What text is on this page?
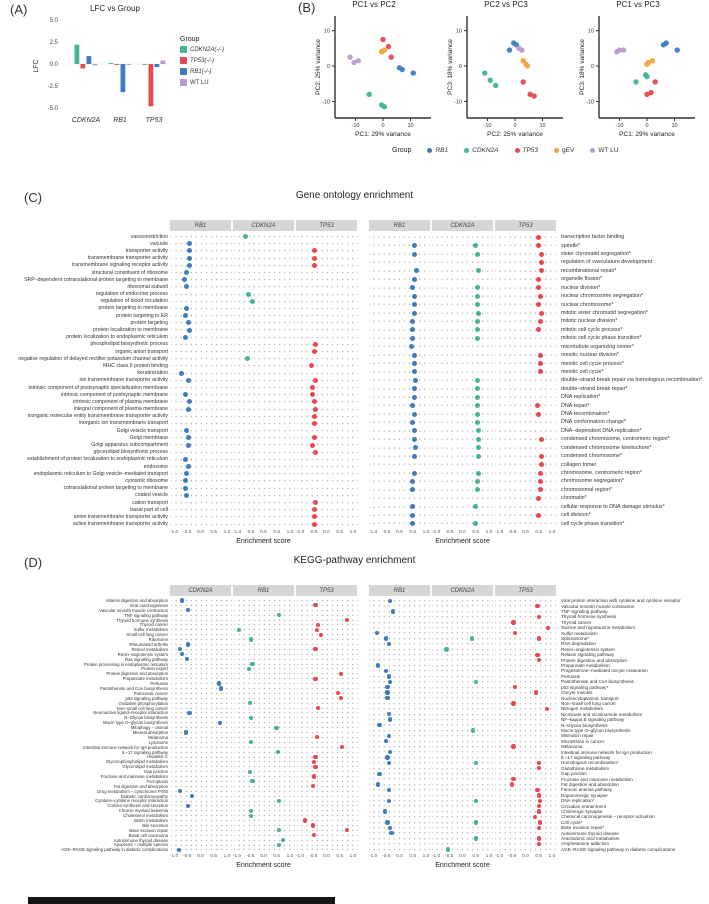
(A)	LFC vs Group
5.0
2.5
0.0
-2.5
-5.0
LFC
CDKN2A RB1	TP53
Group
CDKN2A(-/-)
TP53(-/-)
RB1(-/-)
WT LU
(B)	PC1 vs PC2
-10	0	10
-10
0
10
PC1: 29% variance
PC2: 25% variance
PC2 vs PC3
-10	0	10
-10
0
10
PC2: 25% variance
PC3: 18% variance
PC1 vs PC3
-10	0	10
-10
0
10
PC1: 29% variance
PC3: 18% variance
Group	RB1	CDKN2A	TP53	gEV	WT LU
(C)	Gene ontology enrichment
RB1	CDKN2A	TP53
vasoconstriction
vacuole
transporter activity
transmembrane transporter activity
transmembrane signaling receptor activity
structural constituent of ribosome
SRP–dependent cotranslational protein targeting to membrane
ribosomal subunit
regulation of endocrine process
regulation of blood circulation
protein targeting to membrane
protein targeting to ER
protein targeting
protein localization to membrane
protein localization to endoplasmic reticulum
phospholipid biosynthetic process
organic anion transport
negative regulation of delayed rectifier potassium channel activity
MHC class II protein binding
keratinization
ion transmembrane transporter activity
intrinsic component of postsynaptic specialization membrane
intrinsic component of postsynaptic membrane
intrinsic component of plasma membrane
integral component of plasma membrane
inorganic molecular entity transmembrane transporter activity
inorganic ion transmembrane transport
Golgi vesicle transport
Golgi membrane
Golgi apparatus subcompartment
glycerolipid biosynthetic process
establishment of protein localization to endoplasmic reticulum
endosome
endoplasmic reticulum to Golgi vesicle–mediated transport
cytosolic ribosome
cotranslational protein targeting to membrane
coated vesicle
cation transport
basal part of cell
anion transmembrane transporter activity
active transmembrane transporter activity
-1.0 -0.5 0.0 0.5 1.0 -1.0 -0.5 0.0 0.5 1.0 -1.0 -0.5 0.0 0.5 1.0
Enrichment score
RB1	CDKN2A	TP53
transcription factor binding
spindle*
sister chromatid segregation*
regulation of vasculature development
recombinational repair*
organelle fission*
nuclear division*
nuclear chromosome segregation*
nuclear chromosome*
mitotic sister chromatid segregation*
mitotic nuclear division*
mitotic cell cycle process*
mitotic cell cycle phase transition*
microtubule organizing center*
meiotic nuclear division*
meiotic cell cycle process*
meiotic cell cycle*
double–strand break repair via homologous recombination*
double–strand break repair*
DNA replication*
DNA repair*
DNA recombination*
DNA conformation change*
DNA–dependent DNA replication*
condensed chromosome, centromeric region*
condensed chromosome kinetochore*
condensed chromosome*
collagen trimer
chromosome, centromeric region*
chromosome segregation*
chromosomal region*
chromatin*
cellular response to DNA damage stimulus*
cell division*
cell cycle phase transition*
-1.0 -0.5 0.0 0.5 1.0 -1.0 -0.5 0.0 0.5 1.0 -1.0 -0.5 0.0 0.5 1.0
Enrichment score
(D)	KEGG-pathway enrichment
CDKN2A	RB1	TP53
Vitamin digestion and absorption
Viral carcinogenesis
Vascular smooth muscle contraction
TNF signaling pathway
Thyroid hormone synthesis
Thyroid cancer
Sulfur metabolism
Small cell lung cancer
Ribosome
Rheumatoid arthritis
Retinol metabolism
Renin–angiotensin system
Ras signaling pathway
Protein processing in endoplasmic reticulum
Protein export
Protein digestion and absorption
Propanoate metabolism
Pertussis
Pantothenate and CoA biosynthesis
Pancreatic cancer
p53 signaling pathway
Oxidative phosphorylation
Non–small cell lung cancer
Neuroactive ligand–receptor interaction
N–Glycan biosynthesis
Mucin type O–glycan biosynthesis
Mitophagy – animal
Mineral absorption
Melanoma
Lysosome
Intestinal immune network for IgA production
IL–17 signaling pathway
Hepatitis C
Glycerophospholipid metabolism
Glycerolipid metabolism
Gap junction
Fructose and mannose metabolism
Ferroptosis
Fat digestion and absorption
Drug metabolism – cytochrome P450
Diabetic cardiomyopathy
Cytokine–cytokine receptor interaction
Cortisol synthesis and secretion
Chronic myeloid leukemia
Cholesterol metabolism
Biotin metabolism
Bile secretion
Base excision repair
Basal cell carcinoma
Autoimmune thyroid disease
Apoptosis – multiple species
AGE–RAGE signaling pathway in diabetic complications
-1.0 -0.5 0.0 0.5 1.0 -1.0 -0.5 0.0 0.5 1.0 -1.0 -0.5 0.0 0.5 1.0
Enrichment score
RB1	CDKN2A	TP53
Viral protein interaction with cytokine and cytokine receptor
Vascular smooth muscle contraction
TNF signaling pathway
Thyroid hormone synthesis
Thyroid cancer
Taurine and hypotaurine metabolism
Sulfur metabolism
Spliceosome*
RNA degradation
Renin–angiotensin system
Relaxin signaling pathway
Protein digestion and absorption
Propanoate metabolism
Progesterone–mediated oocyte maturation
Pertussis
Pantothenate and CoA biosynthesis
p53 signaling pathway*
Oocyte meiosis
Nucleocytoplasmic transport
Non–small cell lung cancer
Nitrogen metabolism
Nicotinate and nicotinamide metabolism
NF–kappa B signaling pathway
N–Glycan biosynthesis
Mucin type O–glycan biosynthesis
Mismatch repair
MicroRNAs in cancer
Melanoma
Intestinal immune network for IgA production
IL–17 signaling pathway
Homologous recombination*
Glutathione metabolism
Gap junction
Fructose and mannose metabolism
Fat digestion and absorption
Fanconi anemia pathway
Dopaminergic synapse
DNA replication*
Circadian entrainment
Cholinergic synapse
Chemical carcinogenesis – receptor activation
Cell cycle*
Base excision repair*
Autoimmune thyroid disease
Arachidonic acid metabolism
Amphetamine addiction
AGE–RAGE signaling pathway in diabetic complications
-1.0 -0.5 0.0 0.5 1.0 -1.0 -0.5 0.0 0.5 1.0 -1.0 -0.5 0.0 0.5 1.0
Enrichment score
